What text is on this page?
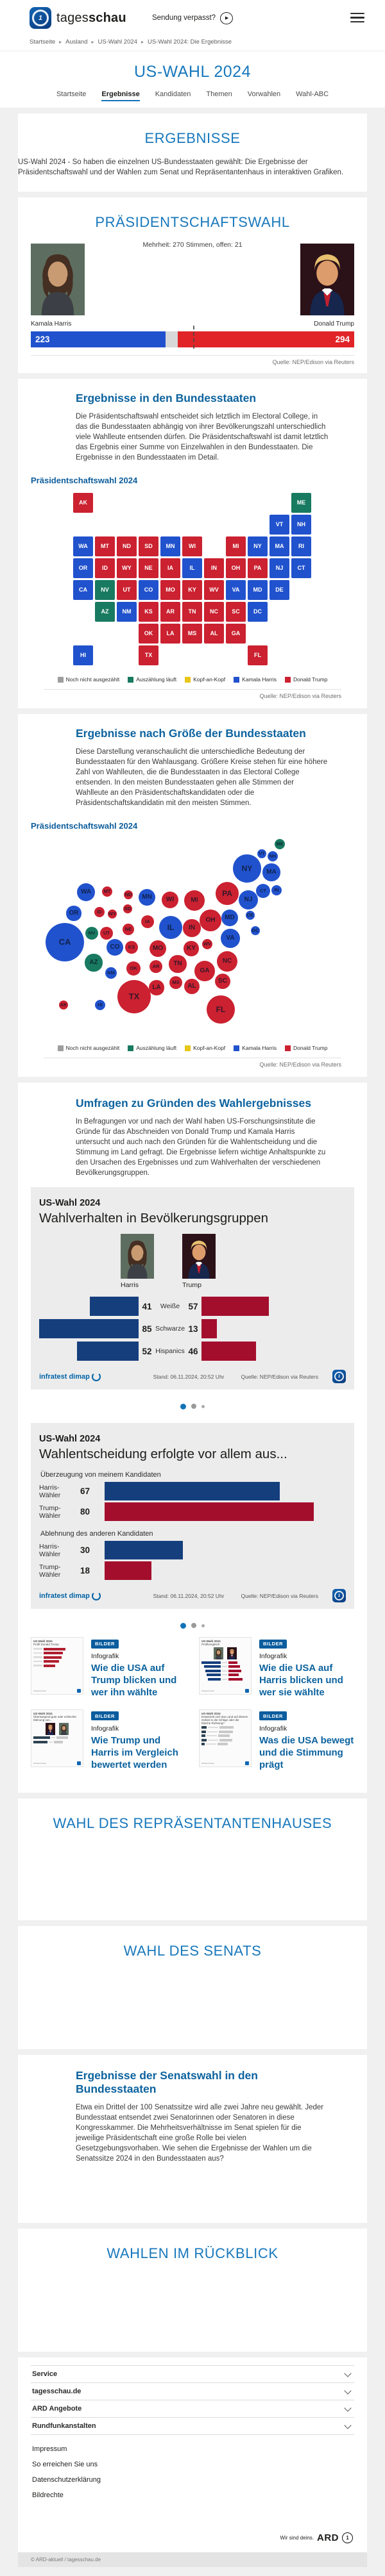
1	tagesschau	Sendung verpasst?	▶
Startseite ▸ Ausland ▸ US-Wahl 2024 ▸ US-Wahl 2024: Die Ergebnisse
US-WAHL 2024
Startseite Ergebnisse Kandidaten Themen Vorwahlen Wahl-ABC
ERGEBNISSE

US-Wahl 2024 - So haben die einzelnen US-Bundesstaaten gewählt: Die Ergebnisse der Präsidentschaftswahl und der Wahlen zum Senat und Repräsentantenhaus in interaktiven Grafiken.

PRÄSIDENTSCHAFTSWAHL
Mehrheit: 270 Stimmen, offen: 21
Kamala Harris	Donald Trump
223	294
Quelle: NEP/Edison via Reuters
Ergebnisse in den Bundesstaaten

Die Präsidentschaftswahl entscheidet sich letztlich im Electoral College, in das die Bundesstaaten abhängig von ihrer Bevölkerungszahl unterschiedlich viele Wahlleute entsenden dürfen. Die Präsidentschaftswahl ist damit letztlich das Ergebnis einer Summe von Einzelwahlen in den Bundesstaaten. Die Ergebnisse in den Bundesstaaten im Detail.

Präsidentschaftswahl 2024
WA
OR
CA	NV
AZ	NM
CO
UT
ID
MT
WY
ND	SD
NE
KS
OK
TX
MN
IA
MO
AR
LA
WI
IL
MI
IN	OH
KY
TN
MS	AL	GA
FL
SC
NC
VA
WV
PA
NY
NJ	CT
RI
MA
VT	NH
ME
MD	DE
DC
AK
HI
Noch nicht ausgezählt	Auszählung läuft	Kopf-an-Kopf	Kamala Harris	Donald Trump
Quelle: NEP/Edison via Reuters
Ergebnisse nach Größe der Bundesstaaten

Diese Darstellung veranschaulicht die unterschiedliche Bedeutung der Bundesstaaten für den Wahlausgang. Größere Kreise stehen für eine höhere Zahl von Wahlleuten, die die Bundesstaaten in das Electoral College entsenden. In den meisten Bundesstaaten gehen alle Stimmen der Wahlleute an den Präsidentschaftskandidaten oder die Präsidentschaftskandidatin mit den meisten Stimmen.

Präsidentschaftswahl 2024
WA
OR
CA
NV
AZ
NM
CO
UT
ID
MT
WY
ND
SD
NE
KS
OK
TX
MN
IA
MO
AR
LA
WI
IL
MI
IN
OH
KY
TN
MS
AL
GA
FL
SC
NC
VA
WV
PA
NY
NJ
CT	RI
MA
VT NH
ME
MD	DE
DC
AK	HI
Noch nicht ausgezählt	Auszählung läuft	Kopf-an-Kopf	Kamala Harris	Donald Trump
Quelle: NEP/Edison via Reuters
Umfragen zu Gründen des Wahlergebnisses

In Befragungen vor und nach der Wahl haben US-Forschungsinstitute die Gründe für das Abschneiden von Donald Trump und Kamala Harris untersucht und auch nach den Gründen für die Wahlentscheidung und die Stimmung im Land gefragt. Die Ergebnisse liefern wichtige Anhaltspunkte zu den Ursachen des Ergebnisses und zum Wahlverhalten der verschiedenen Bevölkerungsgruppen.

US-Wahl 2024
Wahlverhalten in Bevölkerungsgruppen
Harris	Trump
41	Weiße 57
85 Schwarze 13
52 Hispanics 46
infratest dimap	Stand: 06.11.2024, 20:52 Uhr	Quelle: NEP/Edison via Reuters	1
US-Wahl 2024
Wahlentscheidung erfolgte vor allem aus...
Überzeugung von meinem Kandidaten
Harris-Wähler	67
Trump-Wähler	80
Ablehnung des anderen Kandidaten
Harris-Wähler	30
Trump-Wähler	18
infratest dimap	Stand: 06.11.2024, 20:52 Uhr	Quelle: NEP/Edison via Reuters	1
US-Wahl 2024
Profil Donald Trump
infratest dimap
BILDER
Infografik
Wie die USA auf Trump blicken und wer ihn wählte
US-Wahl 2024
Profilvergleich
infratest dimap
BILDER
Infografik
Wie die USA auf Harris blicken und wer sie wählte
US-Wahl 2024
Überwiegend gute oder schlechte Meinung von...
infratest dimap
BILDER
Infografik
Wie Trump und Harris im Vergleich bewertet werden
US-Wahl 2024
Entwickelt sich das Land auf diesem Gebiet in die richtige oder die falsche Richtung?
infratest dimap
BILDER
Infografik
Was die USA bewegt und die Stimmung prägt
WAHL DES REPRÄSENTANTENHAUSES
WAHL DES SENATS
Ergebnisse der Senatswahl in den Bundesstaaten

Etwa ein Drittel der 100 Senatssitze wird alle zwei Jahre neu gewählt. Jeder Bundesstaat entsendet zwei Senatorinnen oder Senatoren in diese Kongresskammer. Die Mehrheitsverhältnisse im Senat spielen für die jeweilige Präsidentschaft eine große Rolle bei vielen Gesetzgebungsvorhaben. Wie sehen die Ergebnisse der Wahlen um die Senatssitze 2024 in den Bundesstaaten aus?

WAHLEN IM RÜCKBLICK
Service
tagesschau.de
ARD Angebote
Rundfunkanstalten
Impressum
So erreichen Sie uns
Datenschutzerklärung
Bildrechte
Wir sind deins. ARD	1
© ARD-aktuell / tagesschau.de
